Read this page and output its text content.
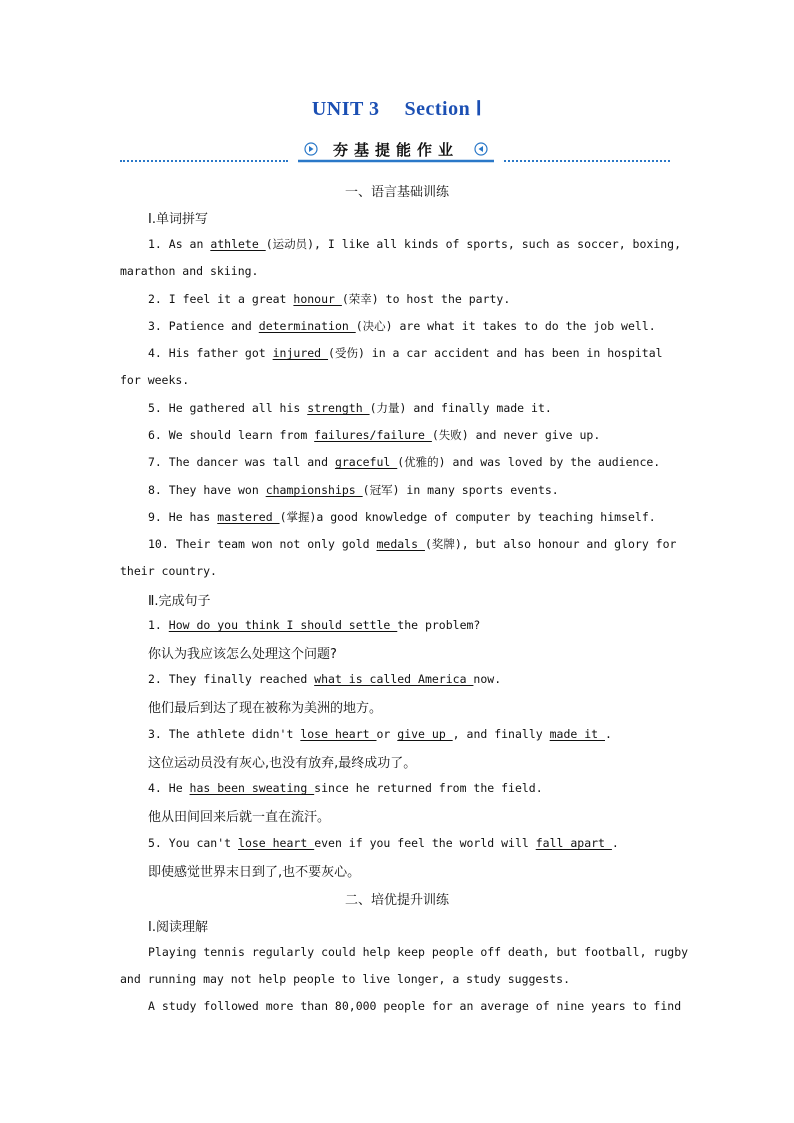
UNIT 3 Section Ⅰ
夯基提能作业
一、语言基础训练
Ⅰ.单词拼写
1. As an athlete (运动员), I like all kinds of sports, such as soccer, boxing,
marathon and skiing.
2. I feel it a great honour (荣幸) to host the party.
3. Patience and determination (决心) are what it takes to do the job well.
4. His father got injured (受伤) in a car accident and has been in hospital
for weeks.
5. He gathered all his strength (力量) and finally made it.
6. We should learn from failures/failure (失败) and never give up.
7. The dancer was tall and graceful (优雅的) and was loved by the audience.
8. They have won championships (冠军) in many sports events.
9. He has mastered (掌握)a good knowledge of computer by teaching himself.
10. Their team won not only gold medals (奖牌), but also honour and glory for
their country.
Ⅱ.完成句子
1. How do you think I should settle the problem?
你认为我应该怎么处理这个问题?
2. They finally reached what is called America now.
他们最后到达了现在被称为美洲的地方。
3. The athlete didn't lose heart or give up , and finally made it .
这位运动员没有灰心,也没有放弃,最终成功了。
4. He has been sweating since he returned from the field.
他从田间回来后就一直在流汗。
5. You can't lose heart even if you feel the world will fall apart .
即使感觉世界末日到了,也不要灰心。
二、培优提升训练
Ⅰ.阅读理解
Playing tennis regularly could help keep people off death, but football, rugby
and running may not help people to live longer, a study suggests.
A study followed more than 80,000 people for an average of nine years to find
